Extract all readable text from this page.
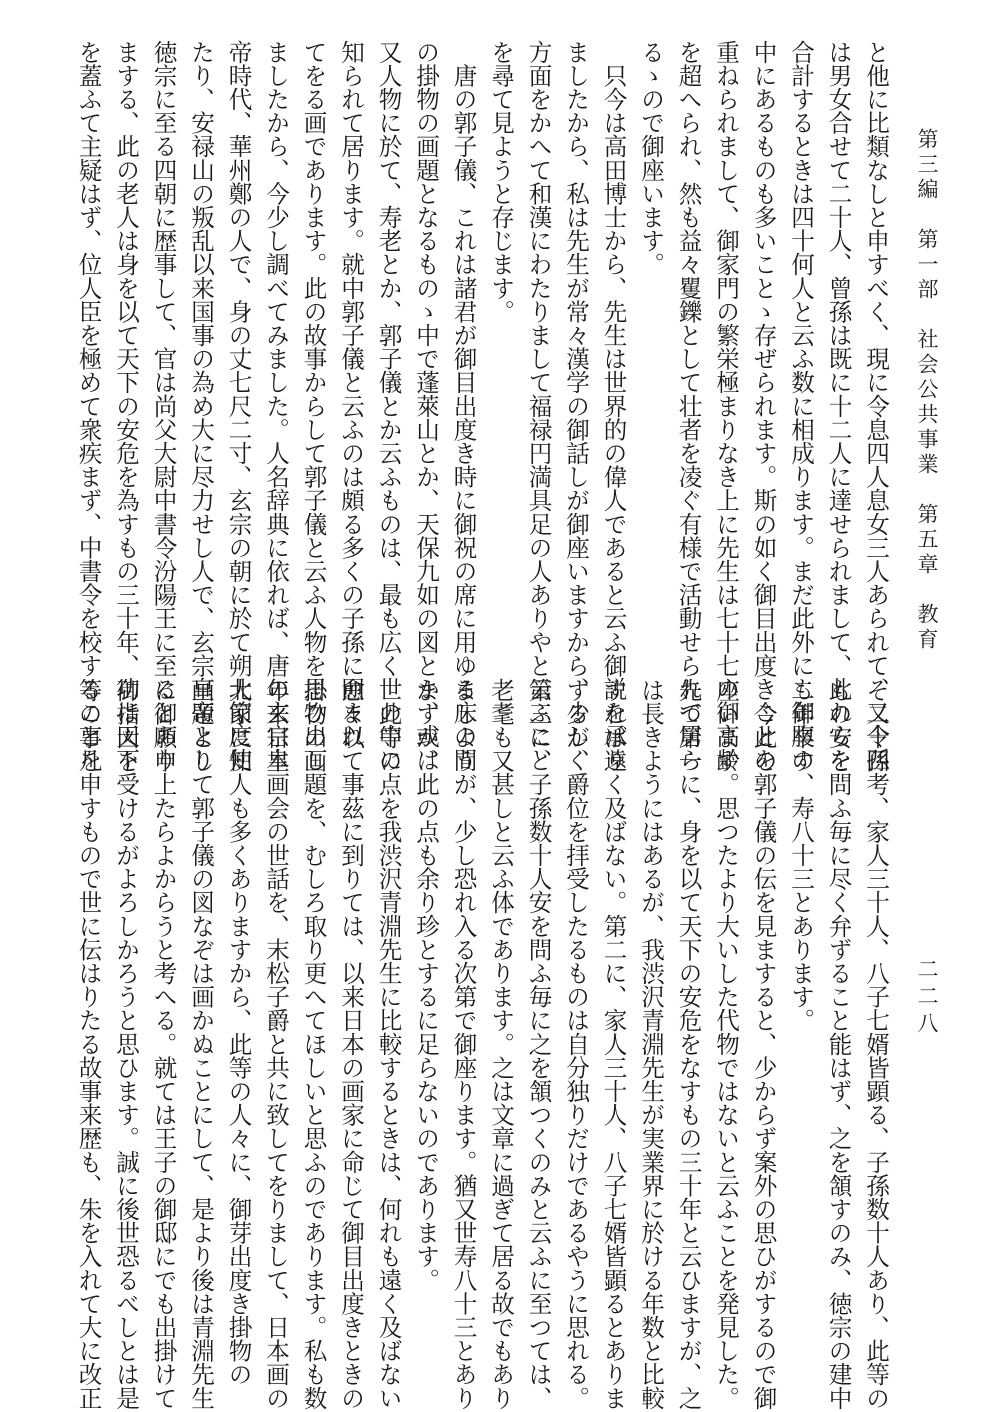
第三編　第一部　社会公共事業　第五章　教育
二二八
と他に比類なしと申すべく、現に令息四人息女三人あられて、又令孫
は男女合せて二十人、曾孫は既に十二人に達せられまして、此れらを
合計するときは四十何人と云ふ数に相成ります。まだ此外にも御腹の
中にあるものも多いことゝ存ぜられます。斯の如く御目出度きことを
重ねられまして、御家門の繁栄極まりなき上に先生は七十七の御高齢
を超へられ、然も益々矍鑠として壮者を凌ぐ有様で活動せられて居ら
るゝので御座います。

　只今は高田博士から、先生は世界的の偉人であると云ふ御説を承り
ましたから、私は先生が常々漢学の御話しが御座いますから、少しく
方面をかへて和漢にわたりまして福禄円満具足の人ありやと云ふこと
を尋て見ようと存じます。

　唐の郭子儀、これは諸君が御目出度き時に御祝の席に用ゆる床の間
の掛物の画題となるものゝ中で蓬萊山とか、天保九如の図とか、或は
又人物に於て、寿老とか、郭子儀とか云ふものは、最も広く世の中に
知られて居ります。就中郭子儀と云ふのは頗る多くの子孫に囲まれ
てをる画であります。此の故事からして郭子儀と云ふ人物を思ひ出し
ましたから、今少し調べてみました。人名辞典に依れば、唐の玄宗皇
帝時代、華州鄭の人で、身の丈七尺二寸、玄宗の朝に於て朔北節度使
たり、安禄山の叛乱以来国事の為め大に尽力せし人で、玄宗皇帝より
徳宗に至る四朝に歴事して、官は尚父大尉中書令汾陽王に至るとあり
まする、此の老人は身を以て天下の安危を為すもの三十年、功は天下
を蓋ふて主疑はず、位人臣を極めて衆疾まず、中書令を校すること凡

そ二十四考、家人三十人、八子七婿皆顕る、子孫数十人あり、此等の
もの安を問ふ毎に尽く弁ずること能はず、之を頷すのみ、徳宗の建中
二年卒す、寿八十三とあります。

　今此の郭子儀の伝を見ますると、少からず案外の思ひがするので御
座います。思つたより大いした代物ではないと云ふことを発見した。
先づ第一に、身を以て天下の安危をなすもの三十年と云ひますが、之
は長きようにはあるが、我渋沢青淵先生が実業界に於ける年数と比較
すれば遠く及ばない。第二に、家人三十人、八子七婿皆顕るとありま
するが、爵位を拝受したるものは自分独りだけであるやうに思れる。
第三に、子孫数十人安を問ふ毎に之を頷つくのみと云ふに至つては、
老耄も又甚しと云ふ体であります。之は文章に過ぎて居る故でもあり
ましようが、少し恐れ入る次第で御座ります。猶又世寿八十三とあり
ますが、此の点も余り珍とするに足らないのであります。

　此等の点を我渋沢青淵先生に比較するときは、何れも遠く及ばない
愈々以て事茲に到りては、以来日本の画家に命じて御目出度きときの
掛物の画題を、むしろ取り更へてほしいと思ふのであります。私も数
年来日本画会の世話を、末松子爵と共に致してをりまして、日本画の
大家に知人も多くありますから、此等の人々に、御芽出度き掛物の
画題として郭子儀の図なぞは画かぬことにして、是より後は青淵先生
に御願申上たらよからうと考へる。就ては王子の御邸にでも出掛けて
御指図を受けるがよろしかろうと思ひます。誠に後世恐るべしとは是
等の事を申すもので世に伝はりたる故事来歴も、朱を入れて大に改正
